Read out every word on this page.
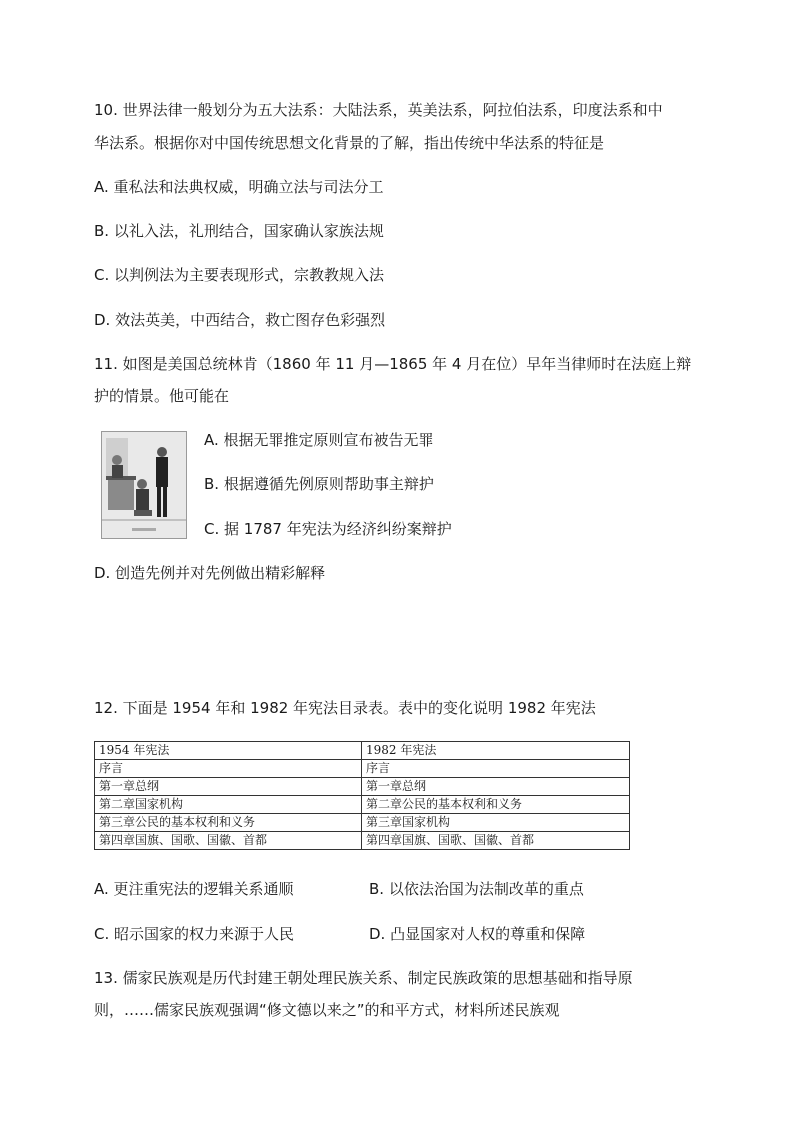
10. 世界法律一般划分为五大法系：大陆法系，英美法系，阿拉伯法系，印度法系和中
华法系。根据你对中国传统思想文化背景的了解，指出传统中华法系的特征是
A. 重私法和法典权威，明确立法与司法分工
B. 以礼入法，礼刑结合，国家确认家族法规
C. 以判例法为主要表现形式，宗教教规入法
D. 效法英美，中西结合，救亡图存色彩强烈
11. 如图是美国总统林肯（1860 年 11 月—1865 年 4 月在位）早年当律师时在法庭上辩
护的情景。他可能在
A. 根据无罪推定原则宣布被告无罪
B. 根据遵循先例原则帮助事主辩护
C. 据 1787 年宪法为经济纠纷案辩护
D. 创造先例并对先例做出精彩解释
12. 下面是 1954 年和 1982 年宪法目录表。表中的变化说明 1982 年宪法
1954 年宪法	1982 年宪法
序言	序言
第一章总纲	第一章总纲
第二章国家机构	第二章公民的基本权利和义务
第三章公民的基本权利和义务	第三章国家机构
第四章国旗、国歌、国徽、首都	第四章国旗、国歌、国徽、首都
A. 更注重宪法的逻辑关系通顺	B. 以依法治国为法制改革的重点
C. 昭示国家的权力来源于人民	D. 凸显国家对人权的尊重和保障
13. 儒家民族观是历代封建王朝处理民族关系、制定民族政策的思想基础和指导原
则，……儒家民族观强调“修文德以来之”的和平方式，材料所述民族观
